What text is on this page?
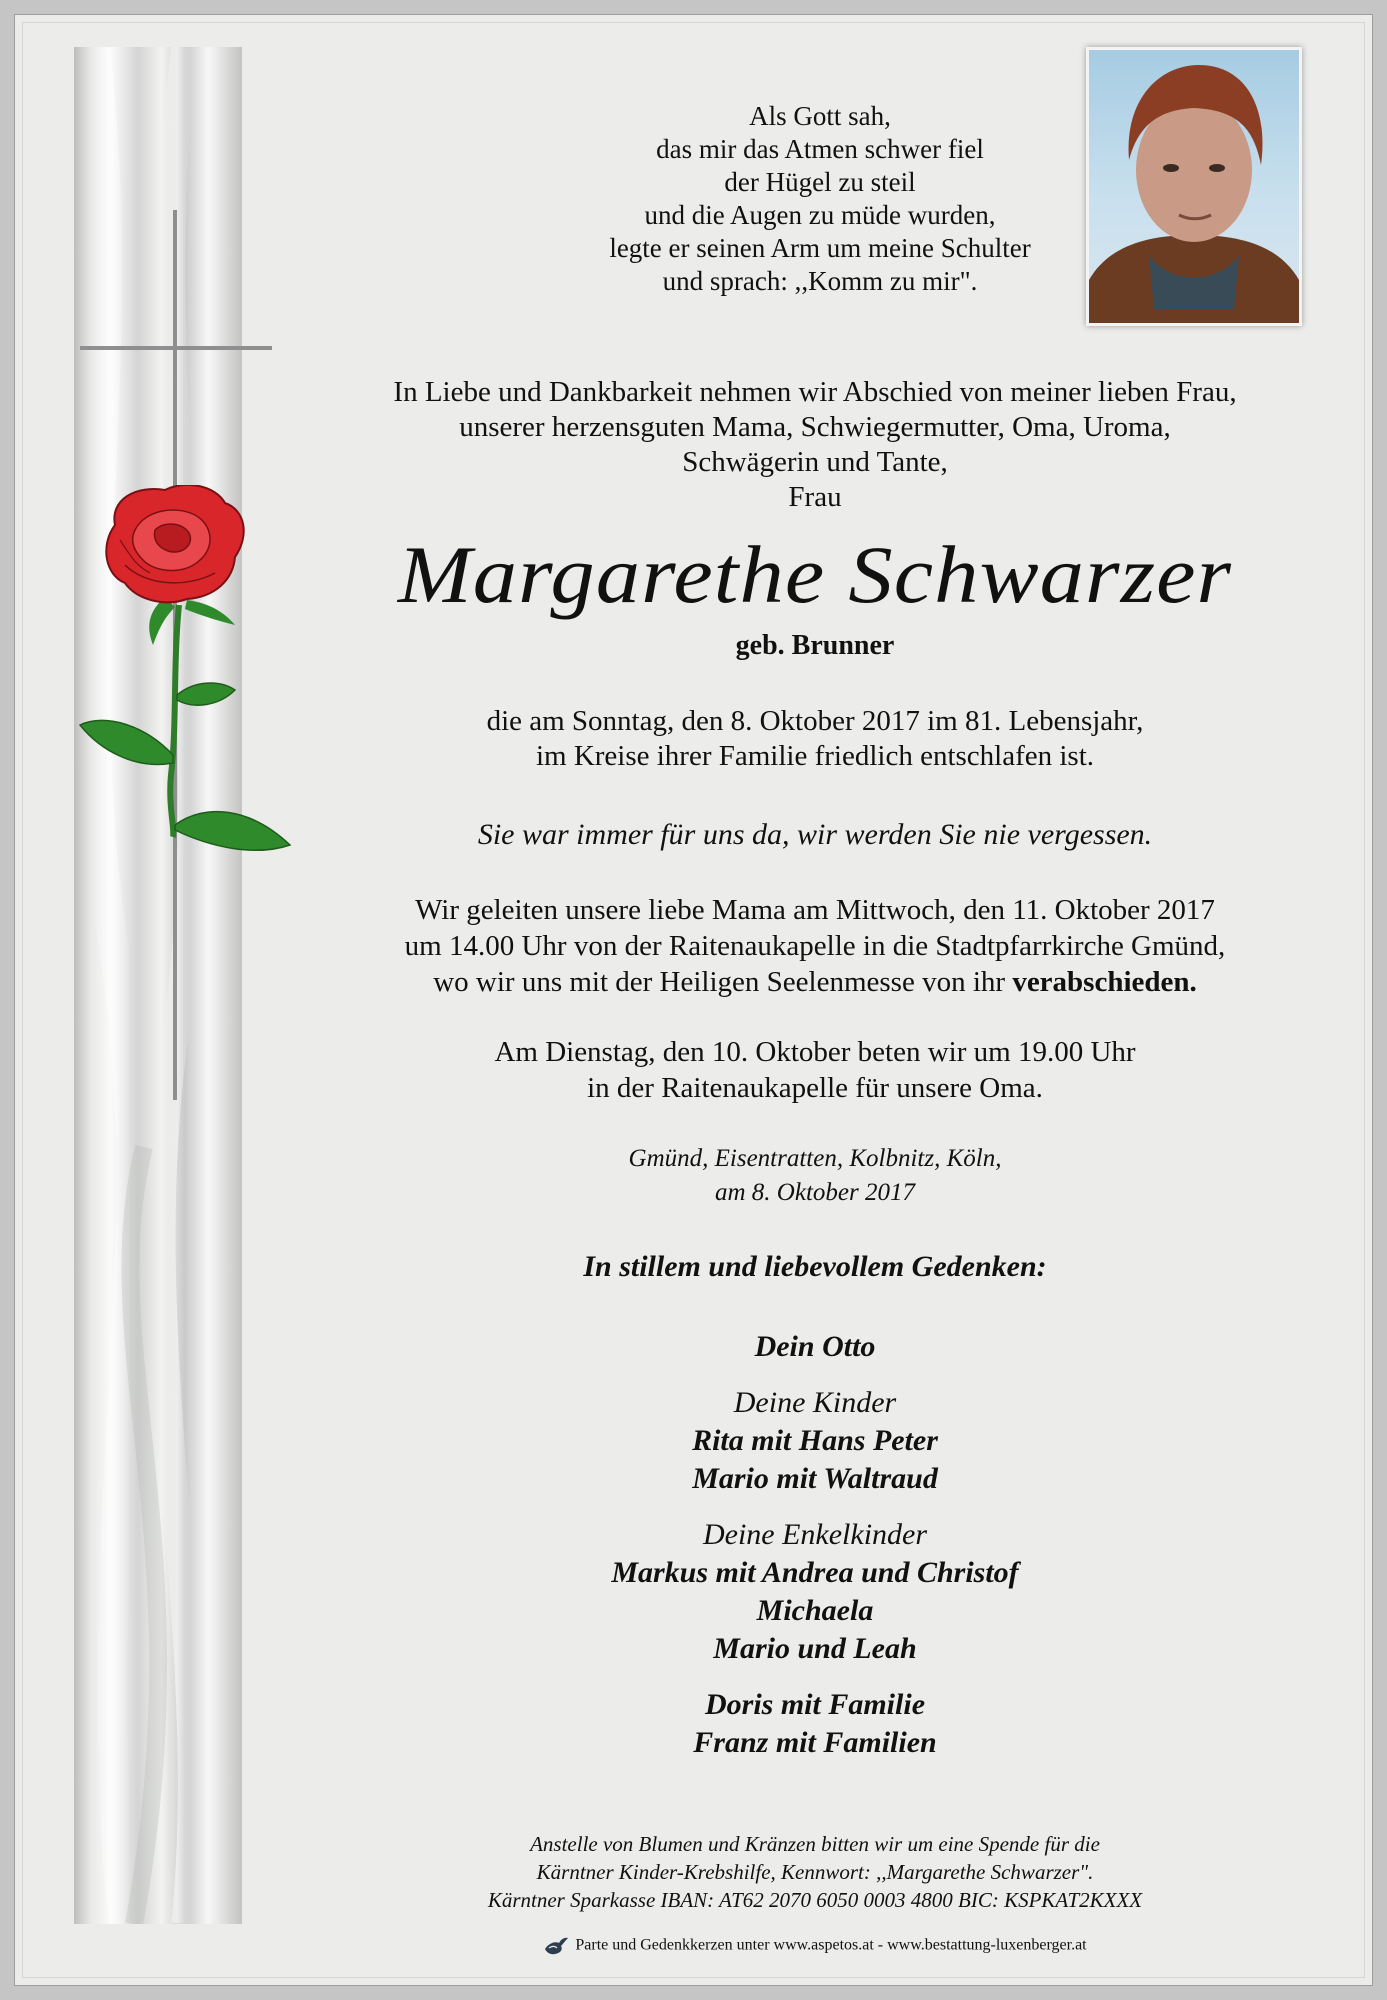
Als Gott sah,
das mir das Atmen schwer fiel
der Hügel zu steil
und die Augen zu müde wurden,
legte er seinen Arm um meine Schulter
und sprach: ,,Komm zu mir".
In Liebe und Dankbarkeit nehmen wir Abschied von meiner lieben Frau,
unserer herzensguten Mama, Schwiegermutter, Oma, Uroma,
Schwägerin und Tante,
Frau
Margarethe Schwarzer
geb. Brunner
die am Sonntag, den 8. Oktober 2017 im 81. Lebensjahr,
im Kreise ihrer Familie friedlich entschlafen ist.
Sie war immer für uns da, wir werden Sie nie vergessen.
Wir geleiten unsere liebe Mama am Mittwoch, den 11. Oktober 2017
um 14.00 Uhr von der Raitenaukapelle in die Stadtpfarrkirche Gmünd,
wo wir uns mit der Heiligen Seelenmesse von ihr verabschieden.
Am Dienstag, den 10. Oktober beten wir um 19.00 Uhr
in der Raitenaukapelle für unsere Oma.
Gmünd, Eisentratten, Kolbnitz, Köln,
am 8. Oktober 2017
In stillem und liebevollem Gedenken:
Dein Otto
Deine Kinder
Rita mit Hans Peter
Mario mit Waltraud
Deine Enkelkinder
Markus mit Andrea und Christof
Michaela
Mario und Leah
Doris mit Familie
Franz mit Familien
Anstelle von Blumen und Kränzen bitten wir um eine Spende für die
Kärntner Kinder-Krebshilfe, Kennwort: ,,Margarethe Schwarzer".
Kärntner Sparkasse IBAN: AT62 2070 6050 0003 4800 BIC: KSPKAT2KXXX
Parte und Gedenkkerzen unter www.aspetos.at - www.bestattung-luxenberger.at
